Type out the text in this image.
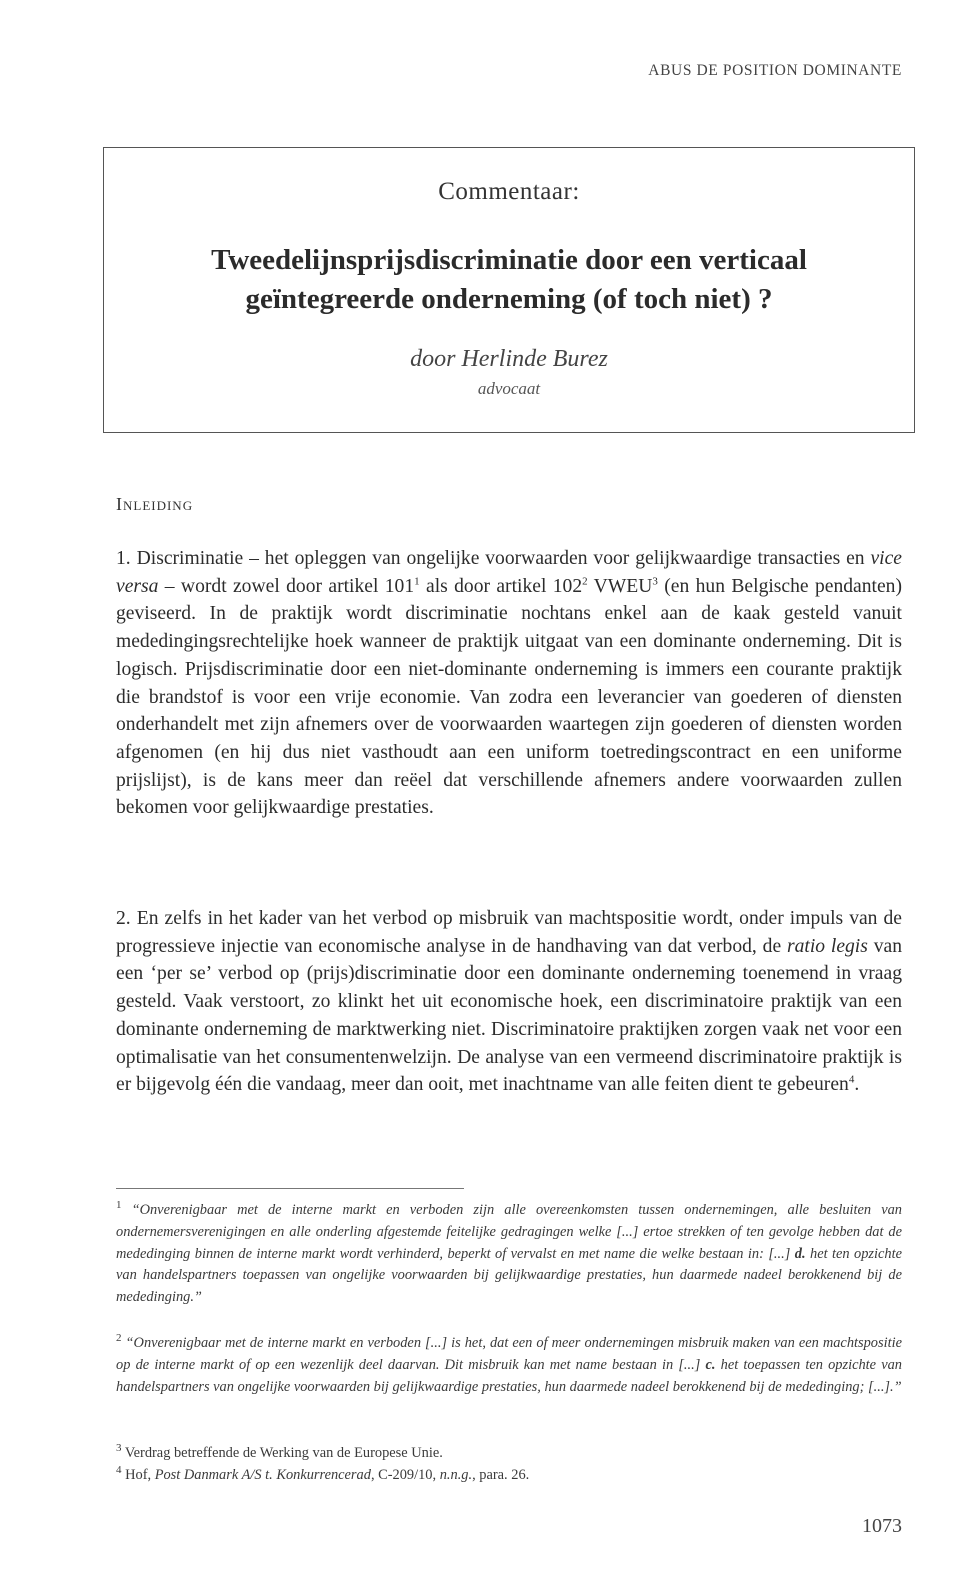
ABUS DE POSITION DOMINANTE
Commentaar:
Tweedelijnsprijsdiscriminatie door een verticaal
geïntegreerde onderneming (of toch niet) ?
door Herlinde Burez
advocaat
Inleiding

1. Discriminatie – het opleggen van ongelijke voorwaarden voor gelijkwaardige transacties en vice versa – wordt zowel door artikel $101^1$ als door artikel $102^2$ VWEU$^3$ (en hun Belgische pendanten) geviseerd. In de praktijk wordt discriminatie nochtans enkel aan de kaak gesteld vanuit mededingingsrechtelijke hoek wanneer de praktijk uitgaat van een dominante onderneming. Dit is logisch. Prijsdiscriminatie door een niet-dominante onderneming is immers een courante praktijk die brandstof is voor een vrije economie. Van zodra een leverancier van goederen of diensten onderhandelt met zijn afnemers over de voorwaarden waartegen zijn goederen of diensten worden afgenomen (en hij dus niet vasthoudt aan een uniform toetredingscontract en een uniforme prijslijst), is de kans meer dan reëel dat verschillende afnemers andere voorwaarden zullen bekomen voor gelijkwaardige prestaties.

2. En zelfs in het kader van het verbod op misbruik van machtspositie wordt, onder impuls van de progressieve injectie van economische analyse in de handhaving van dat verbod, de ratio legis van een ‘per se’ verbod op (prijs)discriminatie door een dominante onderneming toenemend in vraag gesteld. Vaak verstoort, zo klinkt het uit economische hoek, een discriminatoire praktijk van een dominante onderneming de marktwerking niet. Discriminatoire praktijken zorgen vaak net voor een optimalisatie van het consumentenwelzijn. De analyse van een vermeend discriminatoire praktijk is er bijgevolg één die vandaag, meer dan ooit, met inachtname van alle feiten dient te gebeuren$^4$.

$^1$ “Onverenigbaar met de interne markt en verboden zijn alle overeenkomsten tussen ondernemingen, alle besluiten van ondernemersverenigingen en alle onderling afgestemde feitelijke gedragingen welke [...] ertoe strekken of ten gevolge hebben dat de mededinging binnen de interne markt wordt verhinderd, beperkt of vervalst en met name die welke bestaan in: [...] d. het ten opzichte van handelspartners toepassen van ongelijke voorwaarden bij gelijkwaardige prestaties, hun daarmede nadeel berokkenend bij de mededinging.”

$^2$ “Onverenigbaar met de interne markt en verboden [...] is het, dat een of meer ondernemingen misbruik maken van een machtspositie op de interne markt of op een wezenlijk deel daarvan. Dit misbruik kan met name bestaan in [...] c. het toepassen ten opzichte van handelspartners van ongelijke voorwaarden bij gelijkwaardige prestaties, hun daarmede nadeel berokkenend bij de mededinging; [...].”

$^3$ Verdrag betreffende de Werking van de Europese Unie.

$^4$ Hof, Post Danmark A/S t. Konkurrencerad, C-209/10, n.n.g., para. 26.

1073
